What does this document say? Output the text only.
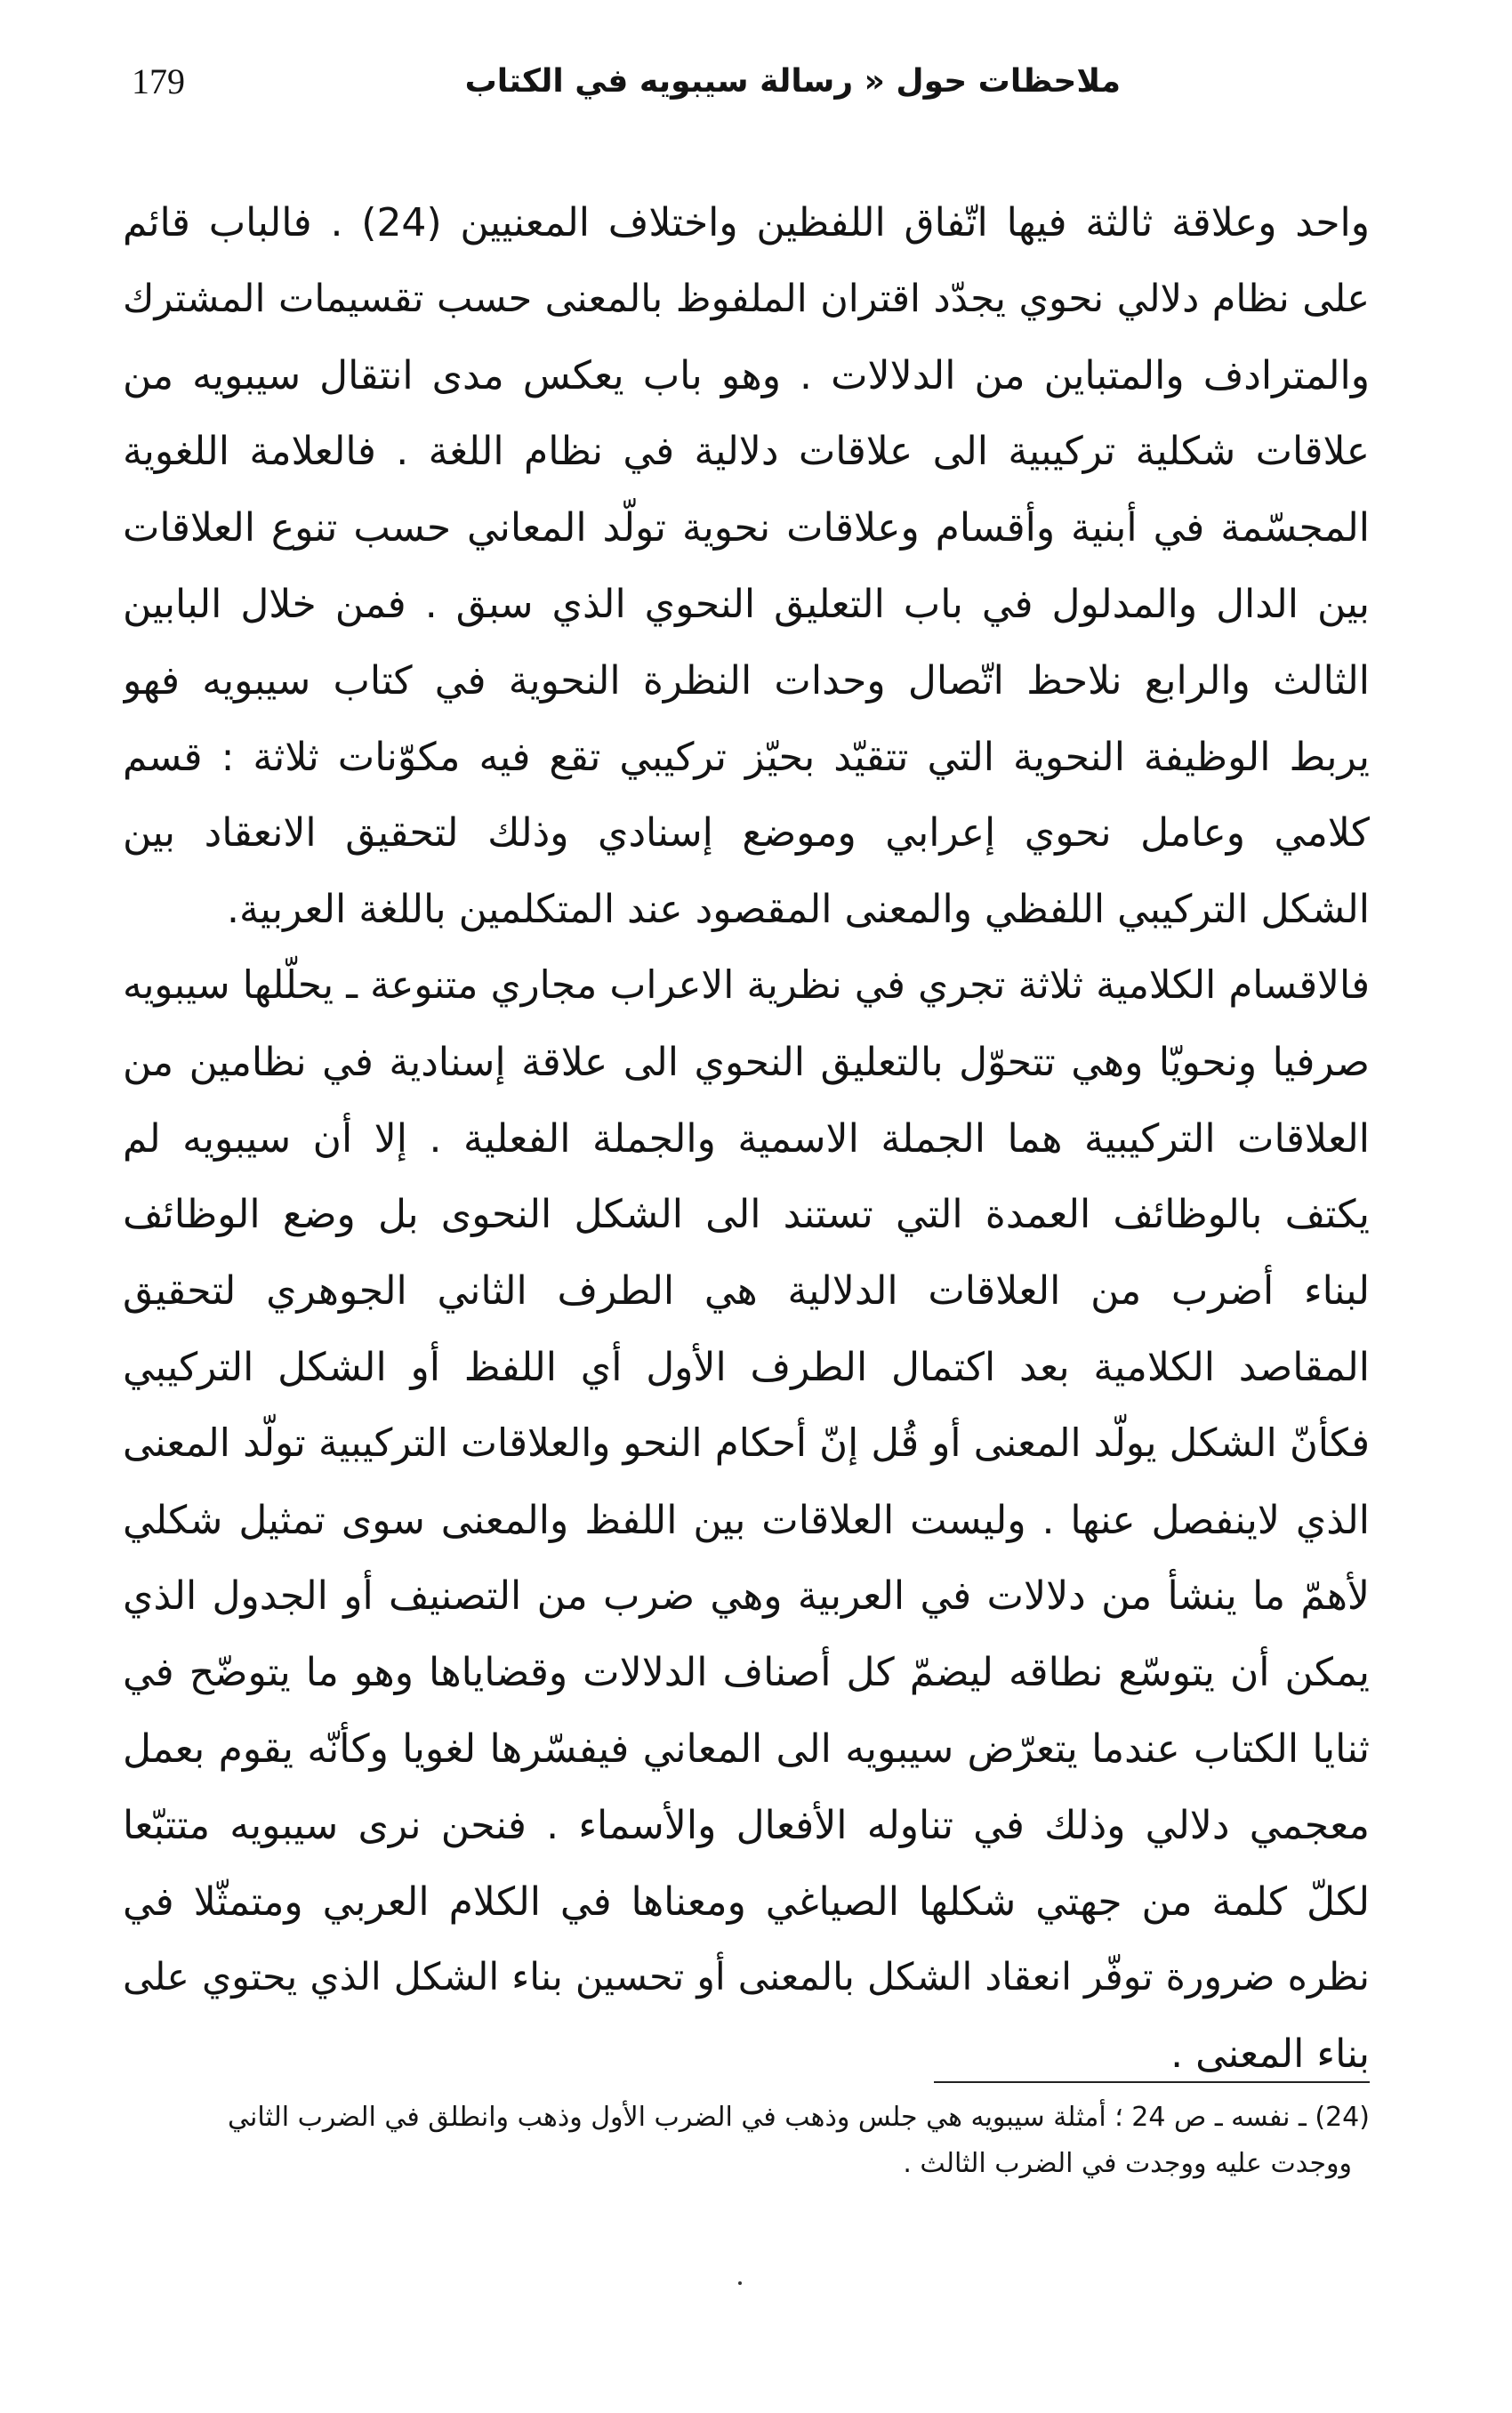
179	ملاحظات حول « رسالة سيبويه في الكتاب
واحد وعلاقة ثالثة فيها اتّفاق اللفظين واختلاف المعنيين (24) . فالباب قائم
على نظام دلالي نحوي يجدّد اقتران الملفوظ بالمعنى حسب تقسيمات المشترك
والمترادف والمتباين من الدلالات . وهو باب يعكس مدى انتقال سيبويه من
علاقات شكلية تركيبية الى علاقات دلالية في نظام اللغة . فالعلامة اللغوية
المجسّمة في أبنية وأقسام وعلاقات نحوية تولّد المعاني حسب تنوع العلاقات
بين الدال والمدلول في باب التعليق النحوي الذي سبق . فمن خلال البابين
الثالث والرابع نلاحظ اتّصال وحدات النظرة النحوية في كتاب سيبويه فهو
يربط الوظيفة النحوية التي تتقيّد بحيّز تركيبي تقع فيه مكوّنات ثلاثة : قسم
كلامي وعامل نحوي إعرابي وموضع إسنادي وذلك لتحقيق الانعقاد بين
الشكل التركيبي اللفظي والمعنى المقصود عند المتكلمين باللغة العربية.
فالاقسام الكلامية ثلاثة تجري في نظرية الاعراب مجاري متنوعة ـ يحلّلها سيبويه
صرفيا ونحويّا وهي تتحوّل بالتعليق النحوي الى علاقة إسنادية في نظامين من
العلاقات التركيبية هما الجملة الاسمية والجملة الفعلية . إلا أن سيبويه لم
يكتف بالوظائف العمدة التي تستند الى الشكل النحوى بل وضع الوظائف
لبناء أضرب من العلاقات الدلالية هي الطرف الثاني الجوهري لتحقيق
المقاصد الكلامية بعد اكتمال الطرف الأول أي اللفظ أو الشكل التركيبي
فكأنّ الشكل يولّد المعنى أو قُل إنّ أحكام النحو والعلاقات التركيبية تولّد المعنى
الذي لاينفصل عنها . وليست العلاقات بين اللفظ والمعنى سوى تمثيل شكلي
لأهمّ ما ينشأ من دلالات في العربية وهي ضرب من التصنيف أو الجدول الذي
يمكن أن يتوسّع نطاقه ليضمّ كل أصناف الدلالات وقضاياها وهو ما يتوضّح في
ثنايا الكتاب عندما يتعرّض سيبويه الى المعاني فيفسّرها لغويا وكأنّه يقوم بعمل
معجمي دلالي وذلك في تناوله الأفعال والأسماء . فنحن نرى سيبويه متتبّعا
لكلّ كلمة من جهتي شكلها الصياغي ومعناها في الكلام العربي ومتمثّلا في
نظره ضرورة توفّر انعقاد الشكل بالمعنى أو تحسين بناء الشكل الذي يحتوي على
بناء المعنى .
(24) ـ نفسه ـ ص 24 ؛ أمثلة سيبويه هي جلس وذهب في الضرب الأول وذهب وانطلق في الضرب الثاني
ووجدت عليه ووجدت في الضرب الثالث .
